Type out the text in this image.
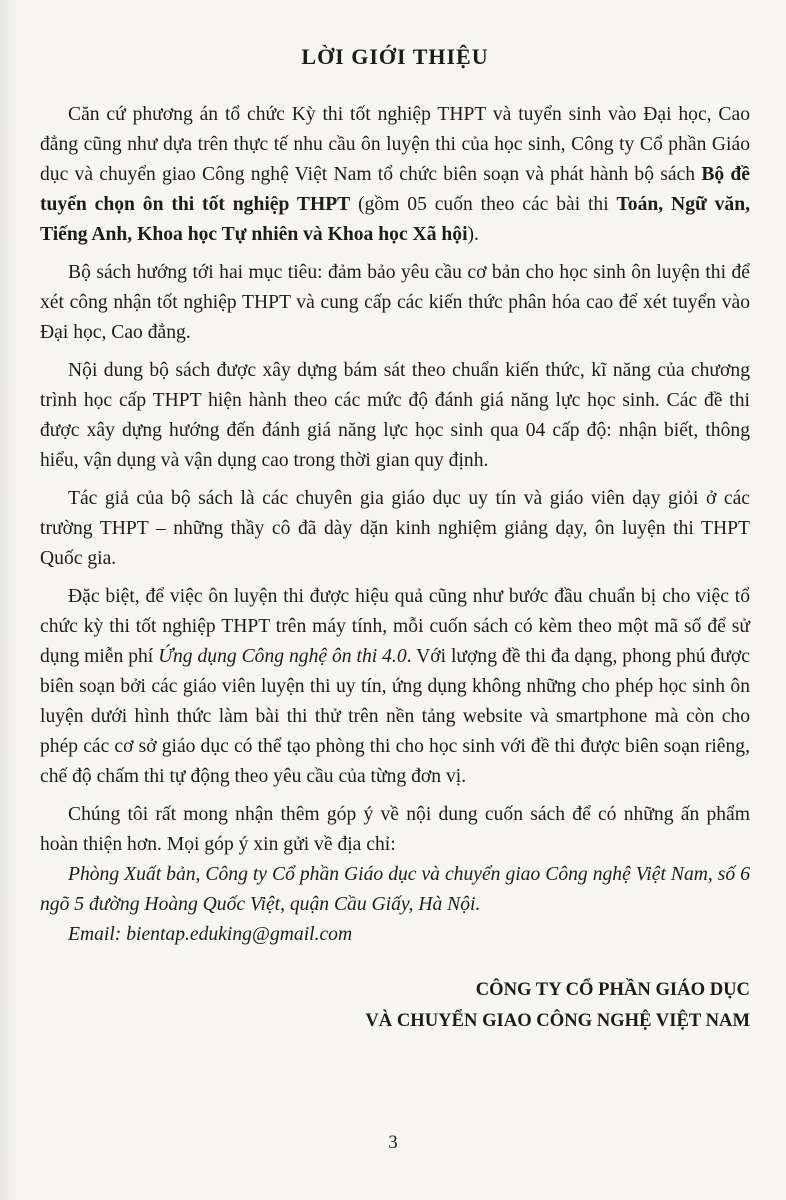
LỜI GIỚI THIỆU

Căn cứ phương án tổ chức Kỳ thi tốt nghiệp THPT và tuyển sinh vào Đại học, Cao đẳng cũng như dựa trên thực tế nhu cầu ôn luyện thi của học sinh, Công ty Cổ phần Giáo dục và chuyển giao Công nghệ Việt Nam tổ chức biên soạn và phát hành bộ sách Bộ đề tuyển chọn ôn thi tốt nghiệp THPT (gồm 05 cuốn theo các bài thi Toán, Ngữ văn, Tiếng Anh, Khoa học Tự nhiên và Khoa học Xã hội).

Bộ sách hướng tới hai mục tiêu: đảm bảo yêu cầu cơ bản cho học sinh ôn luyện thi để xét công nhận tốt nghiệp THPT và cung cấp các kiến thức phân hóa cao để xét tuyển vào Đại học, Cao đẳng.

Nội dung bộ sách được xây dựng bám sát theo chuẩn kiến thức, kĩ năng của chương trình học cấp THPT hiện hành theo các mức độ đánh giá năng lực học sinh. Các đề thi được xây dựng hướng đến đánh giá năng lực học sinh qua 04 cấp độ: nhận biết, thông hiểu, vận dụng và vận dụng cao trong thời gian quy định.

Tác giả của bộ sách là các chuyên gia giáo dục uy tín và giáo viên dạy giỏi ở các trường THPT – những thầy cô đã dày dặn kinh nghiệm giảng dạy, ôn luyện thi THPT Quốc gia.

Đặc biệt, để việc ôn luyện thi được hiệu quả cũng như bước đầu chuẩn bị cho việc tổ chức kỳ thi tốt nghiệp THPT trên máy tính, mỗi cuốn sách có kèm theo một mã số để sử dụng miễn phí Ứng dụng Công nghệ ôn thi 4.0. Với lượng đề thi đa dạng, phong phú được biên soạn bởi các giáo viên luyện thi uy tín, ứng dụng không những cho phép học sinh ôn luyện dưới hình thức làm bài thi thử trên nền tảng website và smartphone mà còn cho phép các cơ sở giáo dục có thể tạo phòng thi cho học sinh với đề thi được biên soạn riêng, chế độ chấm thi tự động theo yêu cầu của từng đơn vị.

Chúng tôi rất mong nhận thêm góp ý về nội dung cuốn sách để có những ấn phẩm hoàn thiện hơn. Mọi góp ý xin gửi về địa chỉ:

Phòng Xuất bản, Công ty Cổ phần Giáo dục và chuyển giao Công nghệ Việt Nam, số 6 ngõ 5 đường Hoàng Quốc Việt, quận Cầu Giấy, Hà Nội.

Email: bientap.eduking@gmail.com

CÔNG TY CỔ PHẦN GIÁO DỤC
VÀ CHUYỂN GIAO CÔNG NGHỆ VIỆT NAM
3
